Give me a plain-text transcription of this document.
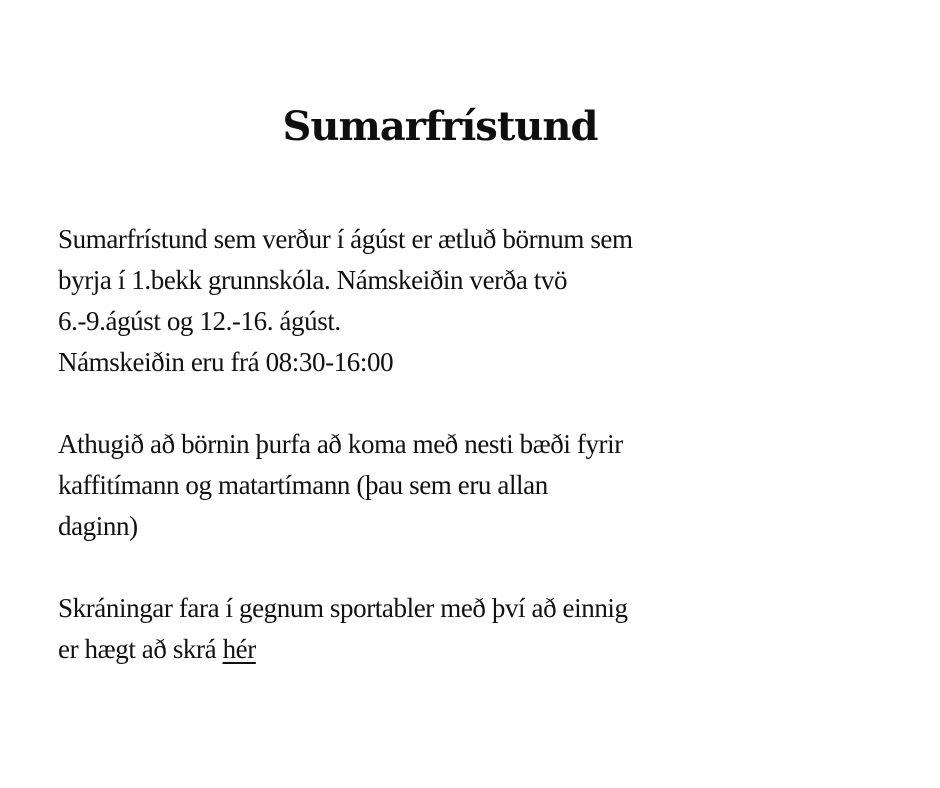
Sumarfrístund

Sumarfrístund sem verður í ágúst er ætluð börnum sem

byrja í 1.bekk grunnskóla. Námskeiðin verða tvö

6.-9.ágúst og 12.-16. ágúst.

Námskeiðin eru frá 08:30-16:00

Athugið að börnin þurfa að koma með nesti bæði fyrir

kaffitímann og matartímann (þau sem eru allan

daginn)

Skráningar fara í gegnum sportabler með því að einnig

er hægt að skrá hér
